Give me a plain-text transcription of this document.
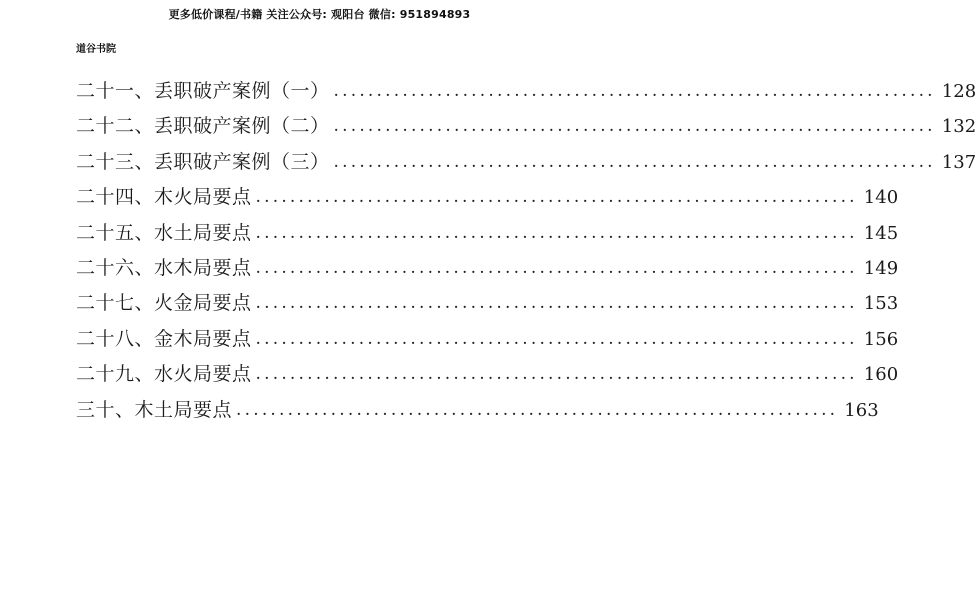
更多低价课程/书籍 关注公众号: 观阳台 微信: 951894893
道谷书院
二十一、丢职破产案例（一） ...................................................................... 128
二十二、丢职破产案例（二） ...................................................................... 132
二十三、丢职破产案例（三） ...................................................................... 137
二十四、木火局要点 ...................................................................... 140
二十五、水土局要点 ...................................................................... 145
二十六、水木局要点 ...................................................................... 149
二十七、火金局要点 ...................................................................... 153
二十八、金木局要点 ...................................................................... 156
二十九、水火局要点 ...................................................................... 160
三十、木土局要点 ...................................................................... 163
